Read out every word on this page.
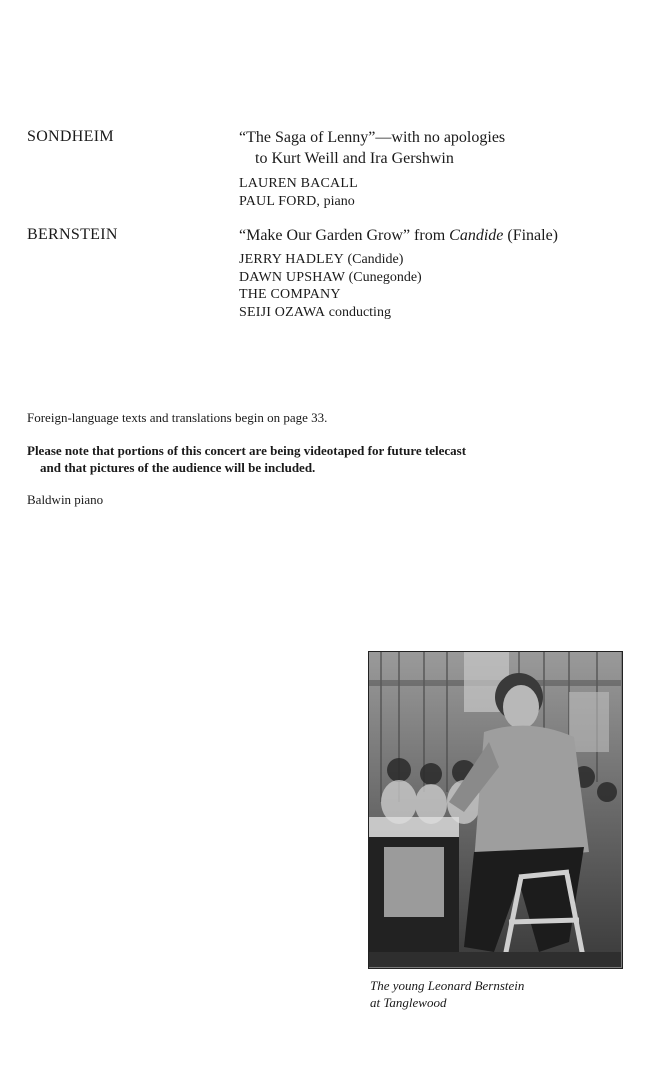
SONDHEIM	“The Saga of Lenny”—with no apologies
to Kurt Weill and Ira Gershwin
LAUREN BACALL
PAUL FORD, piano
BERNSTEIN	“Make Our Garden Grow” from Candide (Finale)
JERRY HADLEY (Candide)
DAWN UPSHAW (Cunegonde)
THE COMPANY
SEIJI OZAWA conducting
Foreign-language texts and translations begin on page 33.
Please note that portions of this concert are being videotaped for future telecast
and that pictures of the audience will be included.
Baldwin piano
The young Leonard Bernstein
at Tanglewood
